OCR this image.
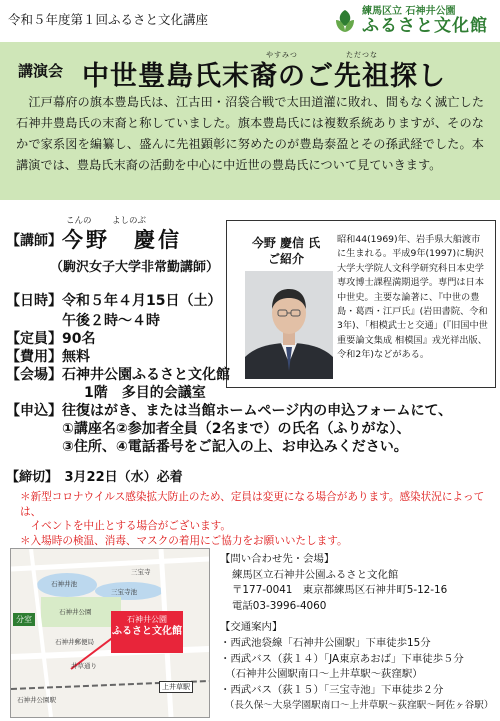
令和５年度第１回ふるさと文化講座
練馬区立 石神井公園
ふるさと文化館
講演会
やすみつ	ただつな
中世豊島氏末裔のご先祖探し
　江戸幕府の旗本豊島氏は、江古田・沼袋合戦で太田道灌に敗れ、間もなく滅亡した石神井豊島氏の末裔と称していました。旗本豊島氏には複数系統ありますが、そのなかで家系図を編纂し、盛んに先祖顕彰に努めたのが豊島泰盈とその孫武経でした。本講演では、豊島氏末裔の活動を中心に中近世の豊島氏について見ていきます。
こんの よしのぶ
【講師】 今野　慶信
（駒沢女子大学非常勤講師）
今野 慶信 氏
ご紹介
昭和44(1969)年、岩手県大船渡市に生まれる。平成9年(1997)に駒沢大学大学院人文科学研究科日本史学専攻博士課程満期退学。専門は日本中世史。主要な論著に、『中世の豊島・葛西・江戸氏』(岩田書院、令和3年)、「相模武士と交通」(『旧国中世重要論文集成 相模国』戎光祥出版、令和2年)などがある。
【日時】令和５年４月15日（土）
午後２時～４時
【定員】90名
【費用】無料
【会場】石神井公園ふるさと文化館
1階　多目的会議室
【申込】往復はがき、または当館ホームページ内の申込フォームにて、
①講座名②参加者全員（2名まで）の氏名（ふりがな）、
③住所、④電話番号をご記入の上、お申込みください。
【締切】　3月22日（水）必着
＊新型コロナウイルス感染拡大防止のため、定員は変更になる場合があります。感染状況によっては、
　イベントを中止とする場合がございます。
＊入場時の検温、消毒、マスクの着用にご協力をお願いいたします。
石神井池
三宝寺池
石神井公園
石神井郵便局
三宝寺
井草通り
石神井公園駅
分室	石神井公園
ふるさと文化館
上井草駅
【問い合わせ先・会場】
練馬区立石神井公園ふるさと文化館
〒177-0041　東京都練馬区石神井町5-12-16
電話03-3996-4060
【交通案内】
・西武池袋線「石神井公園駅」下車徒歩15分
・西武バス（荻１４）「JA東京あおば」下車徒歩５分
　（石神井公園駅南口～上井草駅～荻窪駅）
・西武バス（荻１５）「三宝寺池」下車徒歩２分
　（長久保～大泉学園駅南口～上井草駅～荻窪駅～阿佐ヶ谷駅）
